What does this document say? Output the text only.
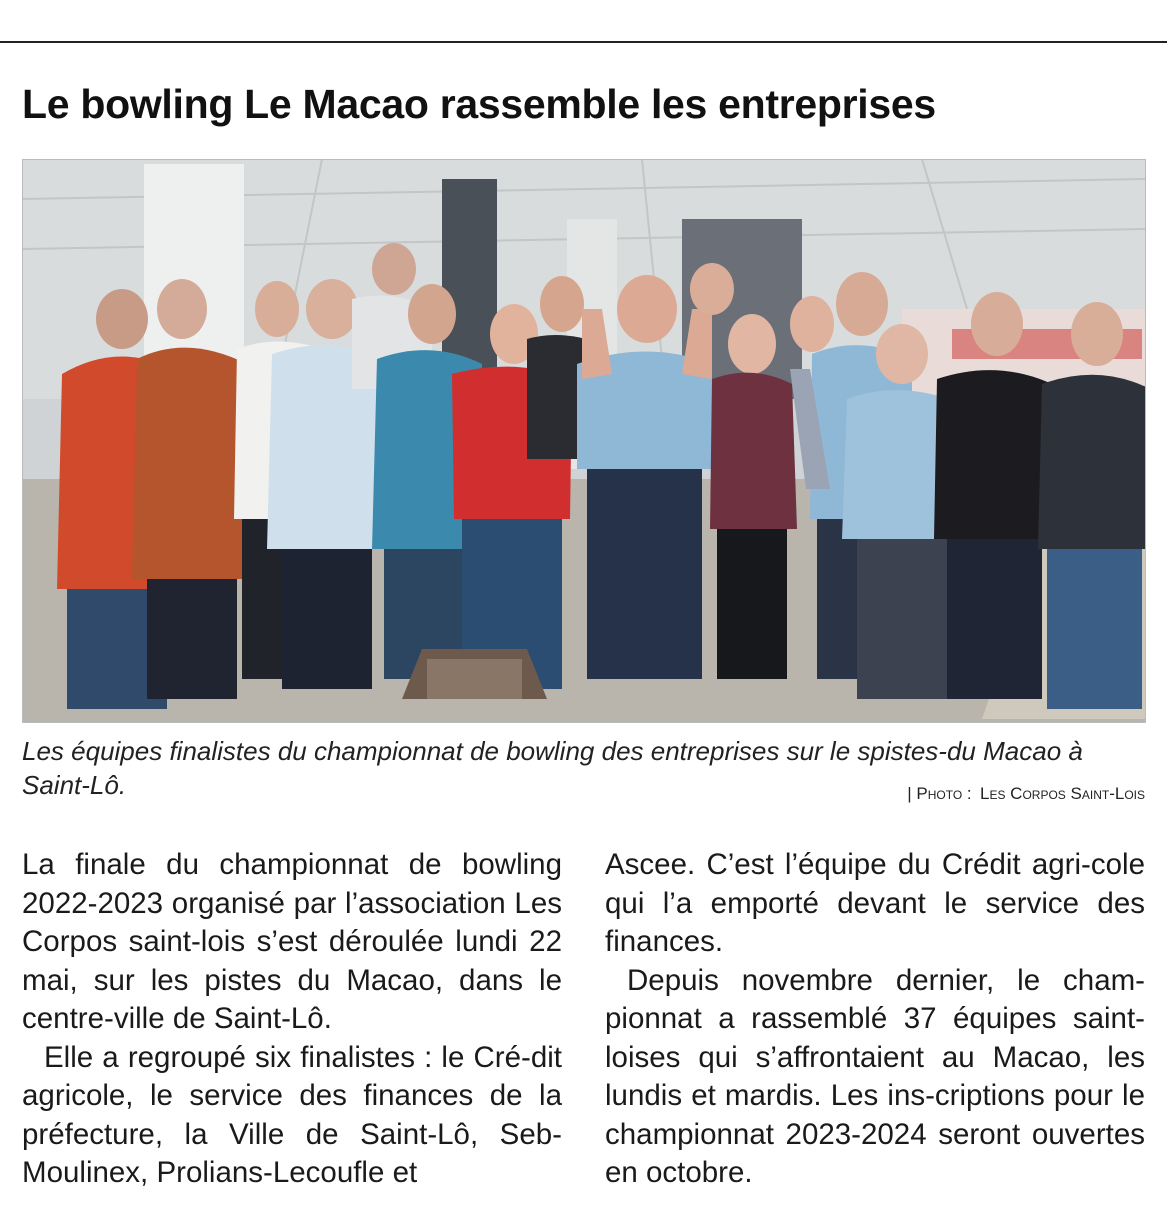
Le bowling Le Macao rassemble les entreprises

Les équipes finalistes du championnat de bowling des entreprises sur le spistes-du Macao à Saint-Lô.	| Photo : Les Corpos Saint-Lois

La finale du championnat de bowling 2022-2023 organisé par l’association Les Corpos saint-lois s’est déroulée lundi 22 mai, sur les pistes du Macao, dans le centre-ville de Saint-Lô.

Elle a regroupé six finalistes : le Cré-dit agricole, le service des finances de la préfecture, la Ville de Saint-Lô, Seb-Moulinex, Prolians-Lecoufle et

Ascee. C’est l’équipe du Crédit agri-cole qui l’a emporté devant le service des finances.

Depuis novembre dernier, le cham-pionnat a rassemblé 37 équipes saint-loises qui s’affrontaient au Macao, les lundis et mardis. Les ins-criptions pour le championnat 2023-2024 seront ouvertes en octobre.
